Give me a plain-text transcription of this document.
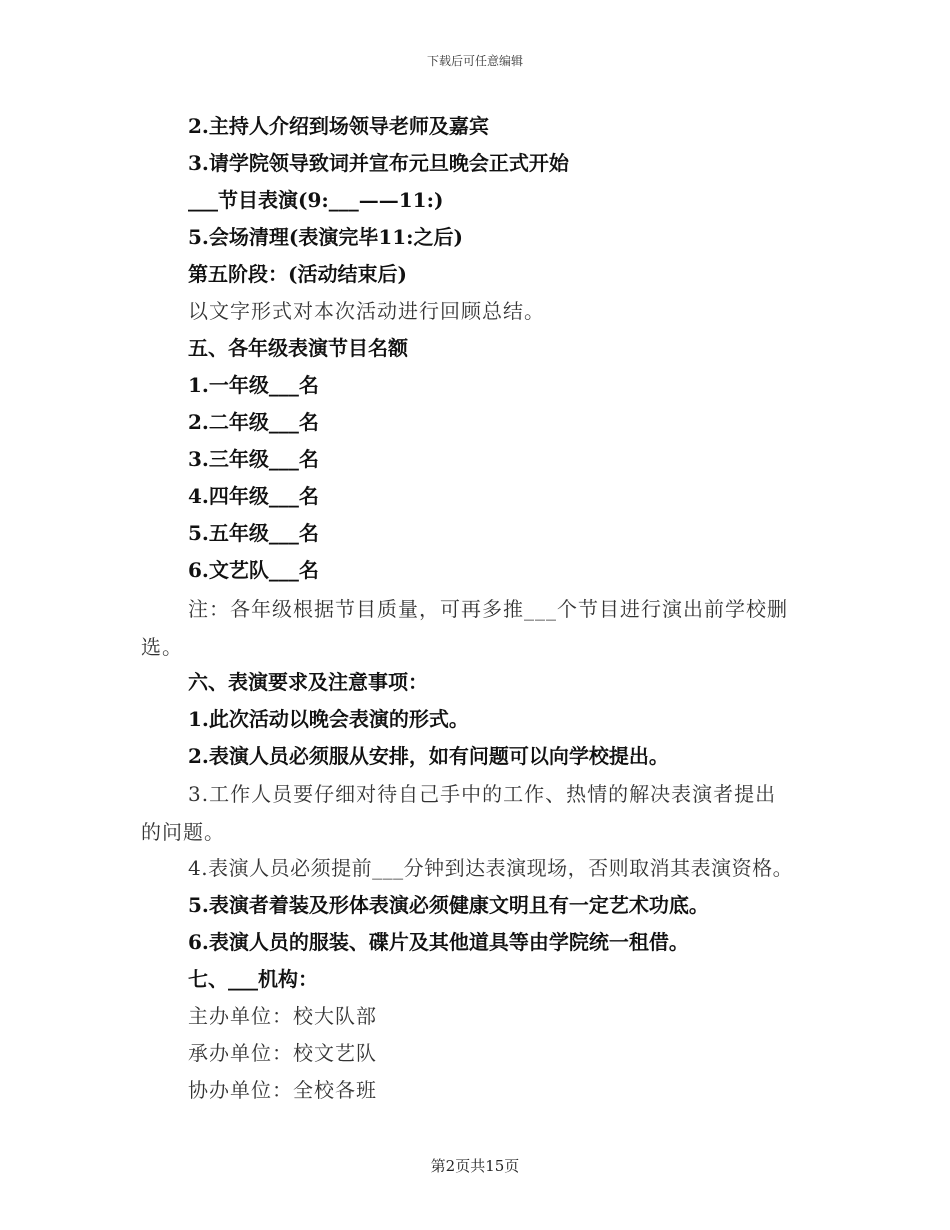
下载后可任意编辑
2.主持人介绍到场领导老师及嘉宾
3.请学院领导致词并宣布元旦晚会正式开始
___节目表演(9:___——11:)
5.会场清理(表演完毕11:之后)
第五阶段：(活动结束后)
以文字形式对本次活动进行回顾总结。
五、各年级表演节目名额
1.一年级___名
2.二年级___名
3.三年级___名
4.四年级___名
5.五年级___名
6.文艺队___名
注：各年级根据节目质量，可再多推___个节目进行演出前学校删
选。
六、表演要求及注意事项：
1.此次活动以晚会表演的形式。
2.表演人员必须服从安排，如有问题可以向学校提出。
3.工作人员要仔细对待自己手中的工作、热情的解决表演者提出
的问题。
4.表演人员必须提前___分钟到达表演现场，否则取消其表演资格。
5.表演者着装及形体表演必须健康文明且有一定艺术功底。
6.表演人员的服装、碟片及其他道具等由学院统一租借。
七、___机构：
主办单位：校大队部
承办单位：校文艺队
协办单位：全校各班
第2页共15页
